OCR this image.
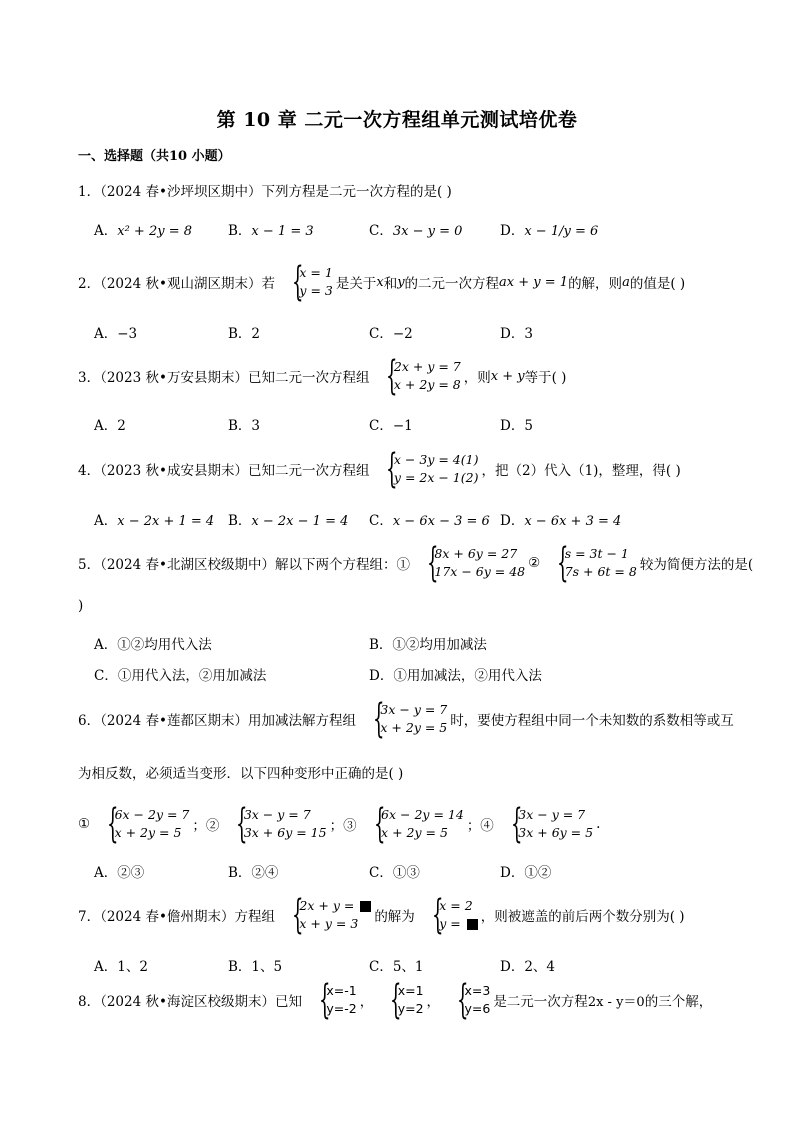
第 10 章 二元一次方程组单元测试培优卷
一、选择题（共10 小题）
1．（2024 春•沙坪坝区期中）下列方程是二元一次方程的是( )
A．x² + 2y = 8	B．x − 1 = 3	C．3x − y = 0	D．x − 1/y = 6
2．（2024 秋•观山湖区期末）若 {
x = 1
y = 3 是关于 x 和 y 的二元一次方程 ax + y = 1 的解，则 a 的值是( )
A．−3	B．2	C．−2	D．3
3．（2023 秋•万安县期末）已知二元一次方程组 {
2x + y = 7
x + 2y = 8 ，则 x + y 等于( )
A．2	B．3	C．−1	D．5
4．（2023 秋•成安县期末）已知二元一次方程组 {
x − 3y = 4(1)
y = 2x − 1(2) ，把（2）代入（1)，整理，得( )
A．x − 2x + 1 = 4 B．x − 2x − 1 = 4 C．x − 6x − 3 = 6 D．x − 6x + 3 = 4
5．（2024 春•北湖区校级期中）解以下两个方程组：① {
8x + 6y = 27
17x − 6y = 48
② {
s = 3t − 1
7s + 6t = 8 较为简便方法的是(
)
A．①②均用代入法	B．①②均用加减法
C．①用代入法，②用加减法	D．①用加减法，②用代入法
6．（2024 春•莲都区期末）用加减法解方程组 {
3x − y = 7
x + 2y = 5 时，要使方程组中同一个未知数的系数相等或互
为相反数，必须适当变形．以下四种变形中正确的是( )
① {
6x − 2y = 7
x + 2y = 5 ；② {
3x − y = 7
3x + 6y = 15 ；③ {
6x − 2y = 14
x + 2y = 5	；④ {
3x − y = 7
3x + 6y = 5
.
A．②③	B．②④	C．①③	D．①②
7．（2024 春•儋州期末）方程组 {
2x + y =
x + y = 3	的解为 {
x = 2
y =	，则被遮盖的前后两个数分别为( )
A．1、2	B．1、5	C．5、1	D．2、4
8．（2024 秋•海淀区校级期末）已知 {
x=-1
y=-2 ， {
x=1
y=2 ， {
x=3
y=6 是二元一次方程 2x - y＝0 的三个解，
